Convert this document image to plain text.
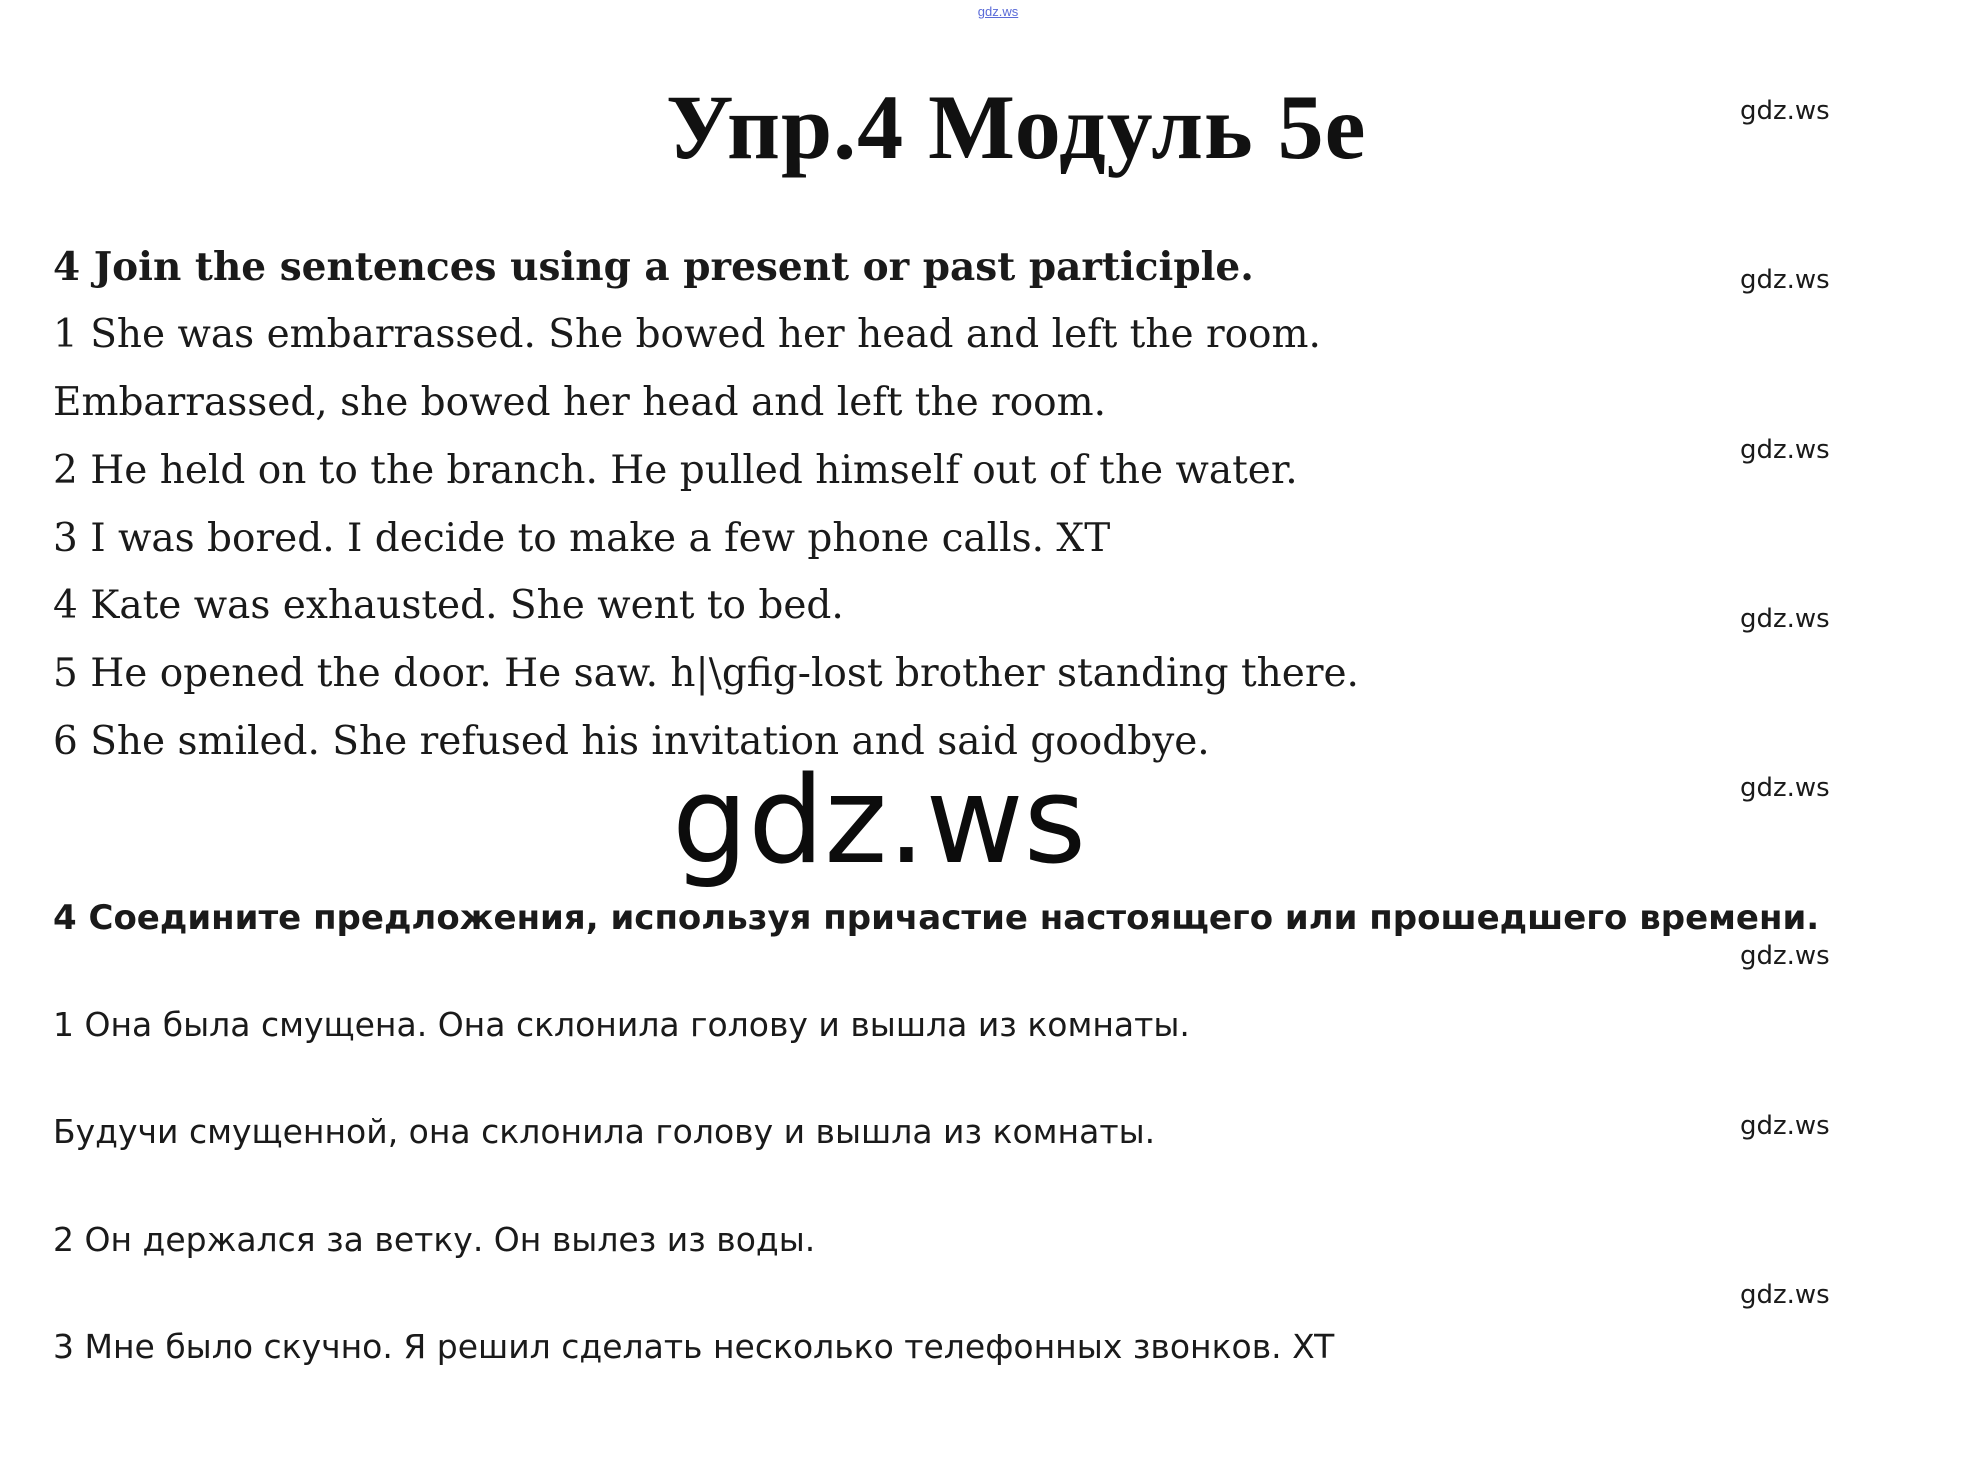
gdz.ws
Упр.4 Модуль 5е
4 Join the sentences using a present or past participle.
1 She was embarrassed. She bowed her head and left the room.
Embarrassed, she bowed her head and left the room.
2 He held on to the branch. He pulled himself out of the water.
3 I was bored. I decide to make a few phone calls. XT
4 Kate was exhausted. She went to bed.
5 He opened the door. He saw. h|\gfig-lost brother standing there.
6 She smiled. She refused his invitation and said goodbye.
gdz.ws
4 Соедините предложения, используя причастие настоящего или прошедшего времени.
1 Она была смущена. Она склонила голову и вышла из комнаты.
Будучи смущенной, она склонила голову и вышла из комнаты.
2 Он держался за ветку. Он вылез из воды.
3 Мне было скучно. Я решил сделать несколько телефонных звонков. XT
gdz.ws
gdz.ws
gdz.ws
gdz.ws
gdz.ws
gdz.ws
gdz.ws
gdz.ws
